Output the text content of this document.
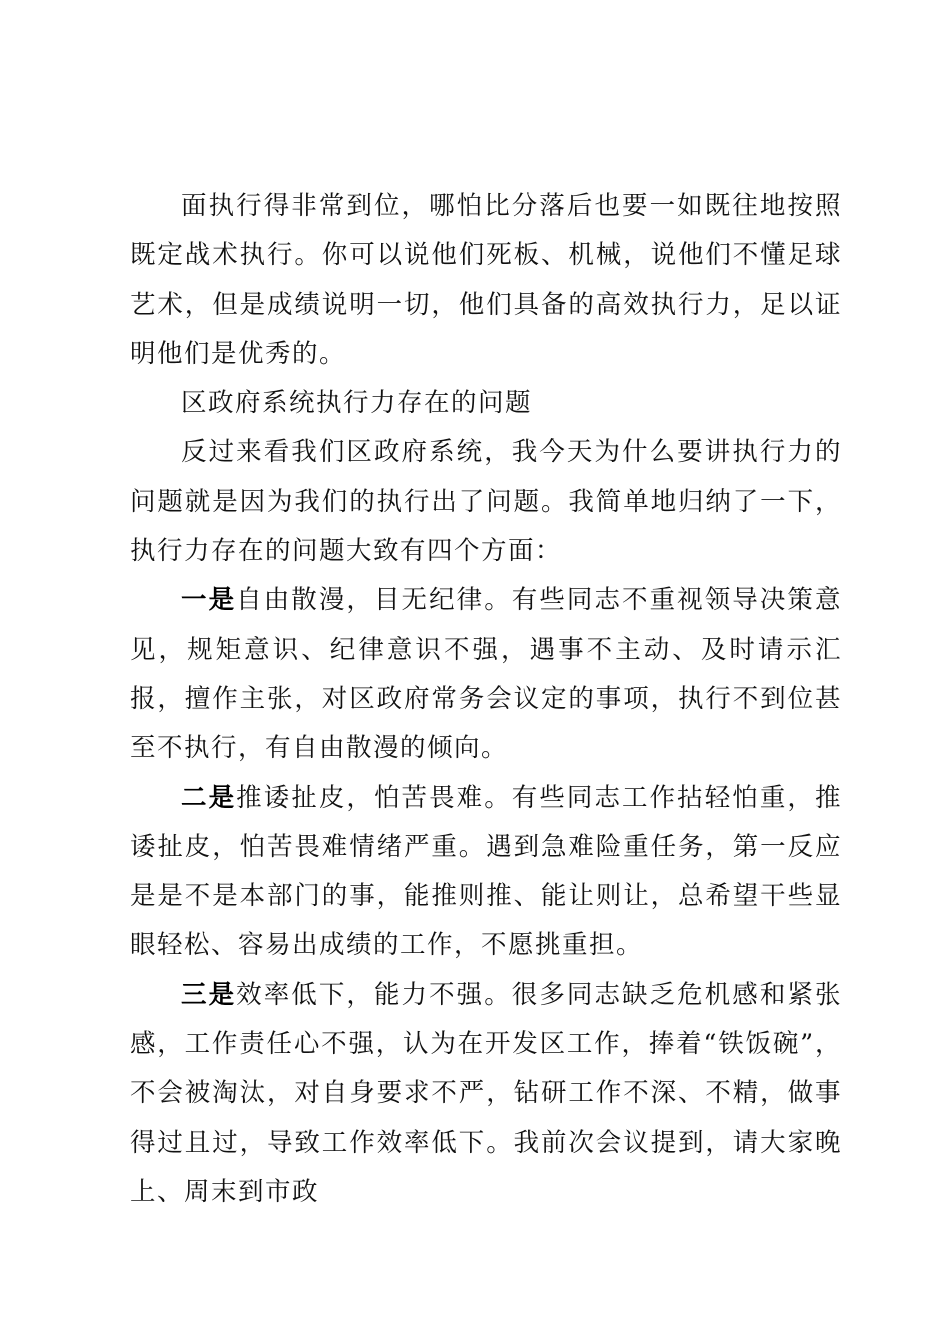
面执行得非常到位，哪怕比分落后也要一如既往地按照既定战术执行。你可以说他们死板、机械，说他们不懂足球艺术，但是成绩说明一切，他们具备的高效执行力，足以证明他们是优秀的。

区政府系统执行力存在的问题

反过来看我们区政府系统，我今天为什么要讲执行力的问题就是因为我们的执行出了问题。我简单地归纳了一下，执行力存在的问题大致有四个方面：

一是自由散漫，目无纪律。有些同志不重视领导决策意见，规矩意识、纪律意识不强，遇事不主动、及时请示汇报，擅作主张，对区政府常务会议定的事项，执行不到位甚至不执行，有自由散漫的倾向。

二是推诿扯皮，怕苦畏难。有些同志工作拈轻怕重，推诿扯皮，怕苦畏难情绪严重。遇到急难险重任务，第一反应是是不是本部门的事，能推则推、能让则让，总希望干些显眼轻松、容易出成绩的工作，不愿挑重担。

三是效率低下，能力不强。很多同志缺乏危机感和紧张感，工作责任心不强，认为在开发区工作，捧着“铁饭碗”，不会被淘汰，对自身要求不严，钻研工作不深、不精，做事得过且过，导致工作效率低下。我前次会议提到，请大家晚上、周末到市政
